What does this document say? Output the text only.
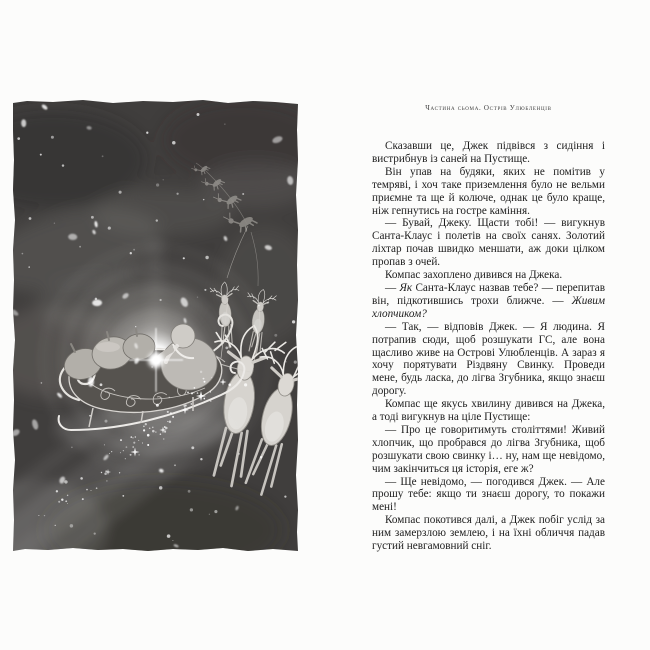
Частина сьома. Острів Улюбленців

Сказавши це, Джек підвівся з сидіння і вистрибнув із саней на Пустище.

Він упав на будяки, яких не помітив у темряві, і хоч таке приземлення було не вельми приємне та ще й колюче, однак це було краще, ніж гепнутись на гостре каміння.

— Бувай, Джеку. Щасти тобі! — вигукнув Санта-Клаус і полетів на своїх санях. Золотий ліхтар почав швидко меншати, аж доки цілком пропав з очей.

Компас захоплено дивився на Джека.

— Як Санта-Клаус назвав тебе? — перепитав він, підкотившись трохи ближче. — Живим хлопчиком?

— Так, — відповів Джек. — Я людина. Я потрапив сюди, щоб розшукати ГС, але вона щасливо живе на Острові Улюбленців. А зараз я хочу порятувати Різдвяну Свинку. Проведи мене, будь ласка, до лігва Згубника, якщо знаєш дорогу.

Компас ще якусь хвилину дивився на Джека, а тоді вигукнув на ціле Пустище:

— Про це говоритимуть століттями! Живий хлопчик, що пробрався до лігва Згубника, щоб розшукати свою свинку і… ну, нам ще невідомо, чим закінчиться ця історія, еге ж?

— Ще невідомо, — погодився Джек. — Але прошу тебе: якщо ти знаєш дорогу, то покажи мені!

Компас покотився далі, а Джек побіг услід за ним замерзлою землею, і на їхні обличчя падав густий невгамовний сніг.
